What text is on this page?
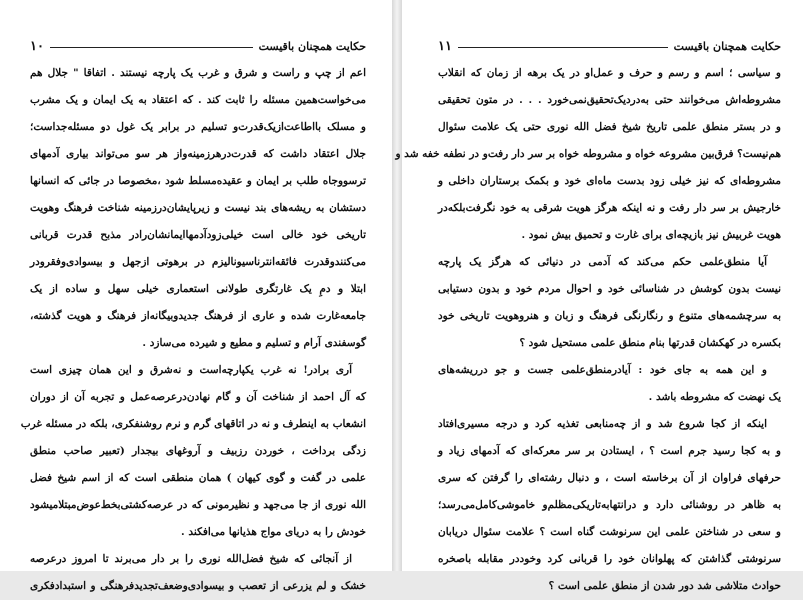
حکایت همچنان باقیست
۱۰
اعم از چپ و راست و شرق و غرب یک پارچه نیستند . اتفاقا " جلال هم
می‌خواست‌همین مسئله را ثابت کند . که اعتقاد به یک ایمان و یک مشرب
و مسلک بااطاعت‌ازیک‌قدرت‌و تسلیم در برابر یک غول دو مسئله‌جداست؛
جلال اعتقاد داشت که قدرت‌درهرزمینه‌واز هر سو می‌تواند بیاری آدمهای
ترسوو‌جاه طلب بر ایمان و عقیده‌مسلط شود ،مخصوصا در جائی که انسانها
دستشان به ریشه‌های بند نیست و زیرپایشان‌درزمینه شناخت فرهنگ وهویت
تاریخی خود خالی است خیلی‌زودآدمها‌ایمانشان‌رادر مذبح قدرت قربانی
می‌کنندو‌قدرت فائقه‌انترناسیونالیزم در برهوتی ازجهل و بیسوادی‌وفقرودر
ابتلا و دمِ یک غارتگری طولانی استعماری خیلی سهل و ساده از یک
جامعه‌غارت شده و عاری از فرهنگ جدیدوبیگانه‌از فرهنگ و هویت گذشته،
گوسفندی آرام و تسلیم و مطیع و شیرده می‌سازد .
آری برادر! نه غرب یکپارچه‌است و نه‌شرق و این همان چیزی است
که آل احمد از شناخت آن و گام نهادن‌در‌عرصه‌عمل و تجربه آن از دوران
انشعاب به اینطرف و نه در اتاقهای گرم و نرم روشنفکری، بلکه در مسئله غرب
زدگی برداخت ، خوردن رزبیف و آروغهای بیجدار (تعبیر صاحب منطق
علمی در گفت و گوی کیهان ) همان منطقی است که از اسم شیخ فضل‌
الله نوری از جا می‌جهد و نظیرمونی که در عرصه‌کشتی‌بخط‌عوض‌مبتلامیشود
خودش را به دریای مواج هذیانها می‌افکند .
از آنجائی که شیخ فضل‌الله نوری را بر دار می‌برند تا امروز درعرصه
خشک و لم یزرعی از تعصب و بیسوادی‌وضعف‌تجدیدفرهنگی و استبدادفکری
حکایت همچنان باقیست
۱۱
و سیاسی ؛ اسم و رسم و حرف و عمل‌او در یک برهه از زمان که انقلاب
مشروطه‌اش می‌خوانند حتی به‌دردیک‌تحقیق‌نمی‌خورد . . . در متون تحقیقی
و در بستر منطق علمی تاریخ شیخ فضل الله نوری حتی یک علامت سئوال
هم‌نیست؟ فرق‌بین مشروعه خواه و مشروطه خواه بر سر دار رفت‌و در نطفه خفه شد و
مشروطه‌ای که نیز خیلی زود بدست ماه‌ای خود و بکمک برستاران داخلی و
خارجیش بر سر دار رفت و نه اینکه هرگز هویت شرقی به خود نگرفت‌بلکه‌در
هویت غربیش نیز بازیچه‌ای برای غارت و تحمیق بیش نمود .
آیا منطق‌علمی حکم می‌کند که آدمی در دنیائی که هرگز یک پارچه
نیست بدون کوشش در شناسائی خود و احوال مردم خود و بدون دستیابی
به سرچشمه‌های متنوع و رنگارنگی فرهنگ و زبان و هنروهویت تاریخی خود
بکسره در کهکشان قدرتها بنام منطق علمی مستحیل شود ؟
و این همه به جای خود : آیا‌درمنطق‌علمی جست و جو درریشه‌های
یک نهضت که مشروطه باشد .
اینکه از کجا شروع شد و از چه‌منابعی تغذیه کرد و درجه مسیری‌افتاد
و به کجا رسید جرم است ؟ ، ایستادن بر سر معرکه‌ای که آدمهای زیاد و
حرفهای فراوان از آن برخاسته است ، و دنبال رشته‌ای را گرفتن که سری
به ظاهر در روشنائی دارد و درانتها‌به‌تاریکی‌مظلم‌و خاموشی‌کامل‌می‌رسد؛
و سعی در شناختن علمی این سرنوشت گناه است ؟ علامت سئوال دریابان
سرنوشتی گذاشتن که پهلوانان خود را قربانی کرد وخوددر مقابله باصخره
حوادث متلاشی شد دور شدن از منطق علمی است ؟
